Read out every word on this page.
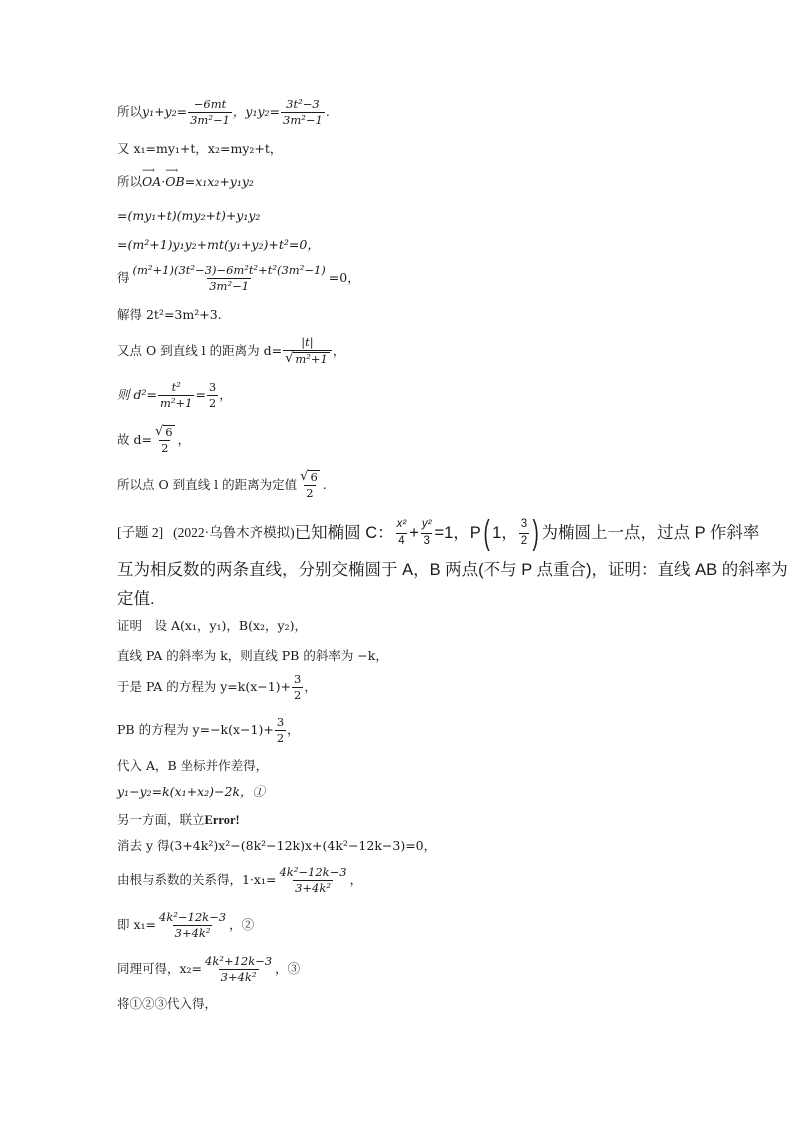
所以 $y_1+y_2= \frac{-6mt}{\text{3m²−1}}$ ，$y_1y_2= \frac{\text{3t²−3}}{\text{3m²−1}}$ .
又 x₁=my₁+t，x₂=my₂+t，
所以
⟶
OA ·
⟶
OB =x₁x₂+y₁y₂
=(my₁+t)(my₂+t)+y₁y₂
=(m²+1)y₁y₂+mt(y₁+y₂)+t²=0，
得 $\frac{\text{(m²+1)(3t²−3)−6m²t²+t²(3m²−1)}}{\text{3m²−1}} =0$，
解得 2t²=3m²+3.
又点 O 到直线 l 的距离为 $d= \frac{|t|}{\text{√ m²+1}}$ ，
则 $d^2= \frac{\text{t²}}{\text{m²+1}} = \frac{3}{2}$ ，
故 $d= \frac{√ 6}{2}$ ，
所以点 O 到直线 l 的距离为定值 $\frac{√ 6}{2}$ .
[子题 2] (2022·乌鲁木齐模拟) 已知椭圆 C： $\frac{\text{x²}}{4} + \frac{\text{y²}}{3} =1$，P ( 1， $\frac{3}{2}$ ) 为椭圆上一点，过点 P 作斜率
互为相反数的两条直线，分别交椭圆于 A，B 两点(不与 P 点重合)，证明：直线 AB 的斜率为
定值.
证明　设 A(x₁，y₁)，B(x₂，y₂)，
直线 PA 的斜率为 k，则直线 PB 的斜率为 −k，
于是 PA 的方程为 $y=k(x-1)+ \frac{3}{2}$ ，
PB 的方程为 $y=-k(x-1)+ \frac{3}{2}$ ，
代入 A，B 坐标并作差得，
y₁−y₂=k(x₁+x₂)−2k，①
另一方面，联立 Error!
消去 y 得(3+4k²)x²−(8k²−12k)x+(4k²−12k−3)=0，
由根与系数的关系得，$1\cdot x_1= \frac{\text{4k²−12k−3}}{\text{3+4k²}}$ ，
即 $x_1= \frac{\text{4k²−12k−3}}{\text{3+4k²}}$ ，②
同理可得，$x_2= \frac{\text{4k²+12k−3}}{\text{3+4k²}}$ ，③
将①②③代入得，
